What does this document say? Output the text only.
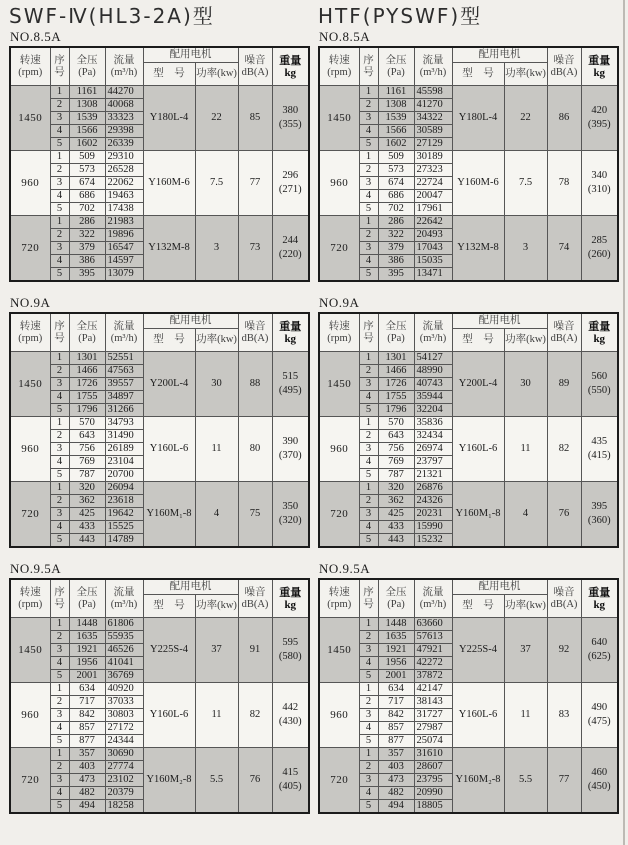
SWF-Ⅳ(HL3-2A)型
NO.8.5A
转速
(rpm)

序
号

全压
(Pa)

流量
(m³/h)
	配用电机	噪音
dB(A)

重量
kg

				型　号	功率(kw)		
1450	1	1161	44270	Y180L-4	22	85	380
(355)

	2	1308	40068				
	3	1539	33323				
	4	1566	29398				
	5	1602	26339				
960	1	509	29310	Y160M-6	7.5	77	296
(271)

	2	573	26528				
	3	674	22062				
	4	686	19463				
	5	702	17438				
720	1	286	21983	Y132M-8	3	73	244
(220)

	2	322	19896				
	3	379	16547				
	4	386	14597				
	5	395	13079				
NO.9A
转速
(rpm)

序
号

全压
(Pa)

流量
(m³/h)
	配用电机	噪音
dB(A)

重量
kg

				型　号	功率(kw)		
1450	1	1301	52551	Y200L-4	30	88	515
(495)

	2	1466	47563				
	3	1726	39557				
	4	1755	34897				
	5	1796	31266				
960	1	570	34793	Y160L-6	11	80	390
(370)

	2	643	31490				
	3	756	26189				
	4	769	23104				
	5	787	20700				
720	1	320	26094	Y160M₁-8	4	75	350
(320)

	2	362	23618				
	3	425	19642				
	4	433	15525				
	5	443	14789				
NO.9.5A
转速
(rpm)

序
号

全压
(Pa)

流量
(m³/h)
	配用电机	噪音
dB(A)

重量
kg

				型　号	功率(kw)		
1450	1	1448	61806	Y225S-4	37	91	595
(580)

	2	1635	55935				
	3	1921	46526				
	4	1956	41041				
	5	2001	36769				
960	1	634	40920	Y160L-6	11	82	442
(430)

	2	717	37033				
	3	842	30803				
	4	857	27172				
	5	877	24344				
720	1	357	30690	Y160M₂-8	5.5	76	415
(405)

	2	403	27774				
	3	473	23102				
	4	482	20379				
	5	494	18258				
HTF(PYSWF)型
NO.8.5A
转速
(rpm)

序
号

全压
(Pa)

流量
(m³/h)
	配用电机	噪音
dB(A)

重量
kg

				型　号	功率(kw)		
1450	1	1161	45598	Y180L-4	22	86	420
(395)

	2	1308	41270				
	3	1539	34322				
	4	1566	30589				
	5	1602	27129				
960	1	509	30189	Y160M-6	7.5	78	340
(310)

	2	573	27323				
	3	674	22724				
	4	686	20047				
	5	702	17961				
720	1	286	22642	Y132M-8	3	74	285
(260)

	2	322	20493				
	3	379	17043				
	4	386	15035				
	5	395	13471				
NO.9A
转速
(rpm)

序
号

全压
(Pa)

流量
(m³/h)
	配用电机	噪音
dB(A)

重量
kg

				型　号	功率(kw)		
1450	1	1301	54127	Y200L-4	30	89	560
(550)

	2	1466	48990				
	3	1726	40743				
	4	1755	35944				
	5	1796	32204				
960	1	570	35836	Y160L-6	11	82	435
(415)

	2	643	32434				
	3	756	26974				
	4	769	23797				
	5	787	21321				
720	1	320	26876	Y160M₁-8	4	76	395
(360)

	2	362	24326				
	3	425	20231				
	4	433	15990				
	5	443	15232				
NO.9.5A
转速
(rpm)

序
号

全压
(Pa)

流量
(m³/h)
	配用电机	噪音
dB(A)

重量
kg

				型　号	功率(kw)		
1450	1	1448	63660	Y225S-4	37	92	640
(625)

	2	1635	57613				
	3	1921	47921				
	4	1956	42272				
	5	2001	37872				
960	1	634	42147	Y160L-6	11	83	490
(475)

	2	717	38143				
	3	842	31727				
	4	857	27987				
	5	877	25074				
720	1	357	31610	Y160M₂-8	5.5	77	460
(450)

	2	403	28607				
	3	473	23795				
	4	482	20990				
	5	494	18805				
